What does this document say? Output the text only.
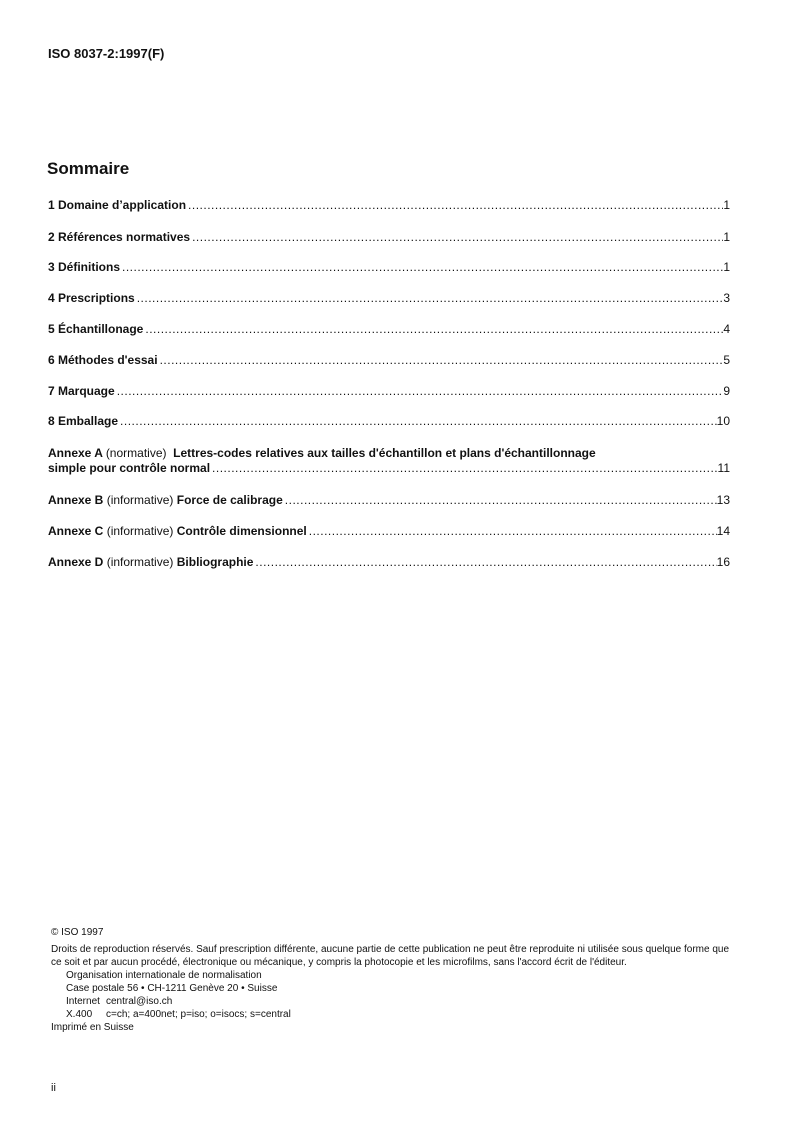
ISO 8037-2:1997(F)
Sommaire
1 Domaine d’application .....	1
2 Références normatives .....	1
3 Définitions .....	1
4 Prescriptions .....	3
5 Échantillonage .....	4
6 Méthodes d'essai .....	5
7 Marquage .....	9
8 Emballage .....	10
Annexe A (normative) Lettres-codes relatives aux tailles d'échantillon et plans d'échantillonnage
simple pour contrôle normal .....	11
Annexe B
(informative)
Force de calibrage .....	13
Annexe C
(informative)
Contrôle dimensionnel .....	14
Annexe D
(informative)
Bibliographie .....	16
© ISO 1997
Droits de reproduction réservés. Sauf prescription différente, aucune partie de cette publication ne peut être reproduite ni utilisée sous quelque forme que ce soit et par aucun procédé, électronique ou mécanique, y compris la photocopie et les microfilms, sans l'accord écrit de l'éditeur.
Organisation internationale de normalisation
Case postale 56 • CH-1211 Genève 20 • Suisse
Internet central@iso.ch
X.400 c=ch; a=400net; p=iso; o=isocs; s=central
Imprimé en Suisse
ii
